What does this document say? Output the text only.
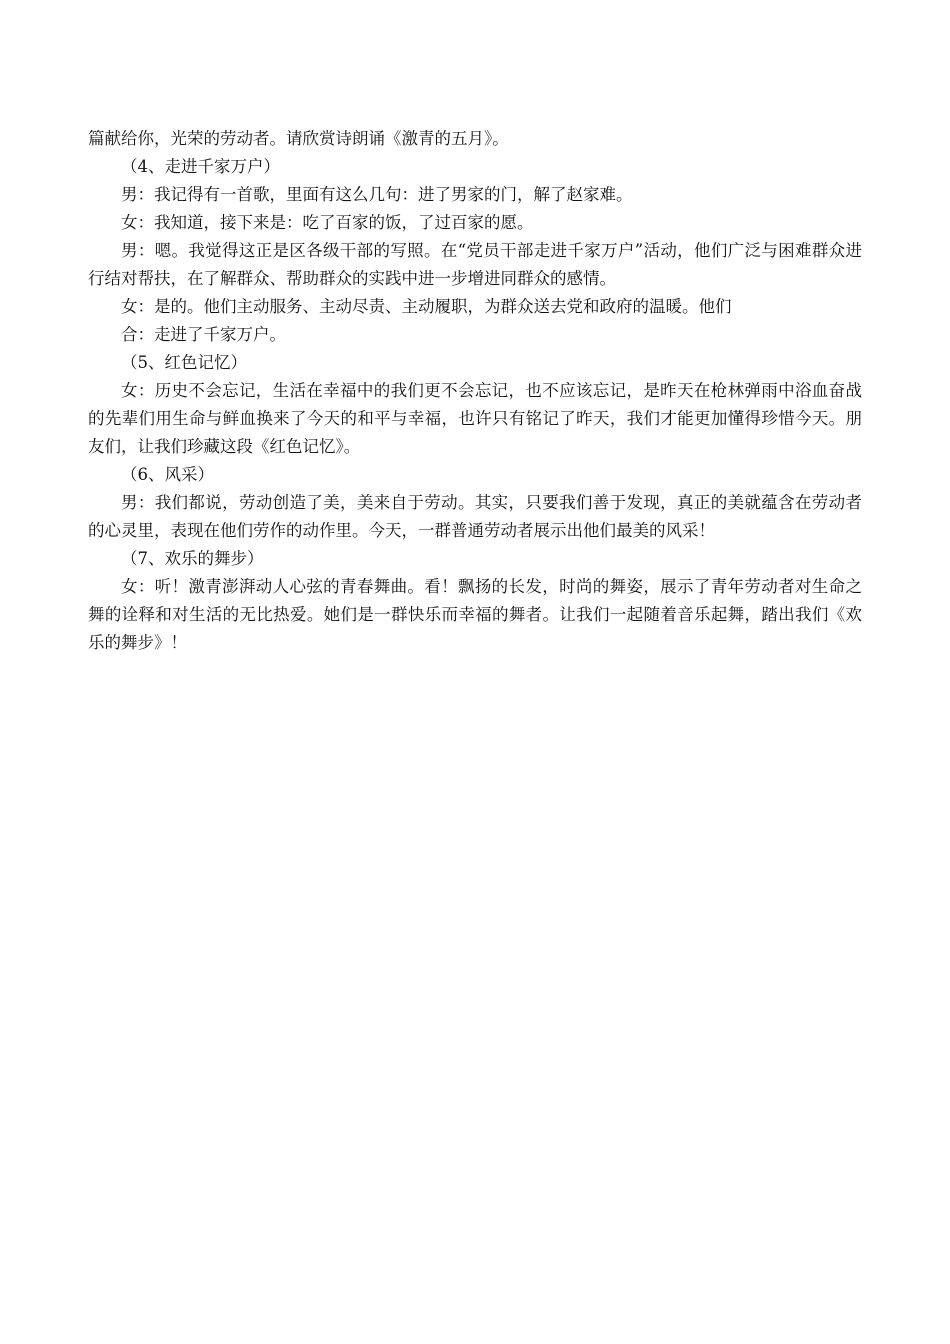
篇献给你，光荣的劳动者。请欣赏诗朗诵《激青的五月》。

（4、走进千家万户）

男：我记得有一首歌，里面有这么几句：进了男家的门，解了赵家难。

女：我知道，接下来是：吃了百家的饭，了过百家的愿。

男：嗯。我觉得这正是区各级干部的写照。在“党员干部走进千家万户”活动，他们广泛与困难群众进行结对帮扶，在了解群众、帮助群众的实践中进一步增进同群众的感情。

女：是的。他们主动服务、主动尽责、主动履职，为群众送去党和政府的温暖。他们

合：走进了千家万户。

（5、红色记忆）

女：历史不会忘记，生活在幸福中的我们更不会忘记，也不应该忘记，是昨天在枪林弹雨中浴血奋战的先辈们用生命与鲜血换来了今天的和平与幸福，也许只有铭记了昨天，我们才能更加懂得珍惜今天。朋友们，让我们珍藏这段《红色记忆》。

（6、风采）

男：我们都说，劳动创造了美，美来自于劳动。其实，只要我们善于发现，真正的美就蕴含在劳动者的心灵里，表现在他们劳作的动作里。今天，一群普通劳动者展示出他们最美的风采！

（7、欢乐的舞步）

女：听！激青澎湃动人心弦的青春舞曲。看！飘扬的长发，时尚的舞姿，展示了青年劳动者对生命之舞的诠释和对生活的无比热爱。她们是一群快乐而幸福的舞者。让我们一起随着音乐起舞，踏出我们《欢乐的舞步》！
